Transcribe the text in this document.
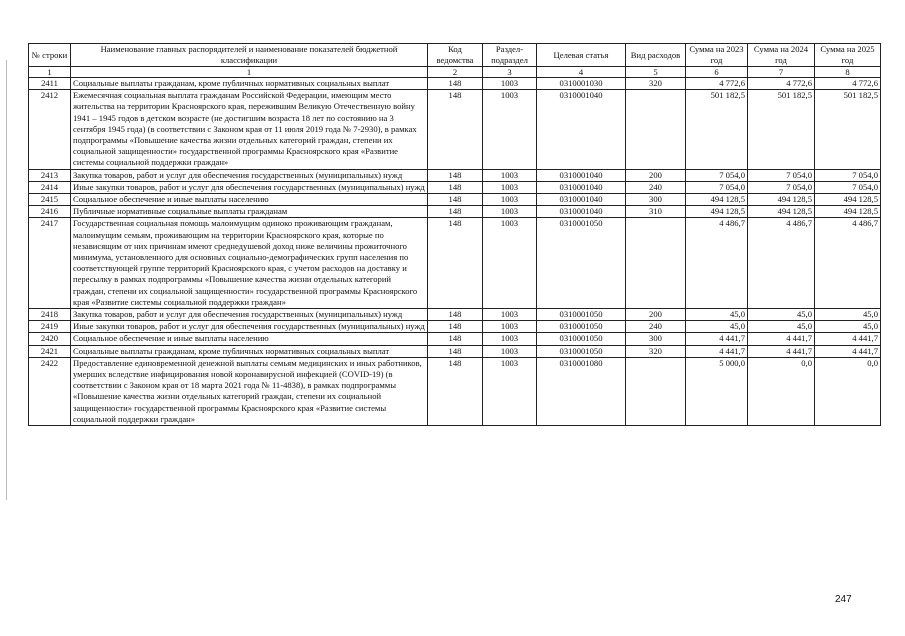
№ строки	Наименование главных распорядителей и наименование показателей бюджетной классификации	Код ведомства	Раздел-подраздел	Целевая статья	Вид расходов	Сумма на 2023 год	Сумма на 2024 год	Сумма на 2025 год
1	1	2	3	4	5	6	7	8
2411	Социальные выплаты гражданам, кроме публичных нормативных социальных выплат	148	1003	0310001030	320	4 772,6	4 772,6	4 772,6
2412	Ежемесячная социальная выплата гражданам Российской Федерации, имеющим место жительства на территории Красноярского края, пережившим Великую Отечественную войну 1941 – 1945 годов в детском возрасте (не достигшим возраста 18 лет по состоянию на 3 сентября 1945 года) (в соответствии с Законом края от 11 июля 2019 года № 7-2930), в рамках подпрограммы «Повышение качества жизни отдельных категорий граждан, степени их социальной защищенности» государственной программы Красноярского края «Развитие системы социальной поддержки граждан»	148	1003	0310001040		501 182,5	501 182,5	501 182,5
2413	Закупка товаров, работ и услуг для обеспечения государственных (муниципальных) нужд	148	1003	0310001040	200	7 054,0	7 054,0	7 054,0
2414	Иные закупки товаров, работ и услуг для обеспечения государственных (муниципальных) нужд	148	1003	0310001040	240	7 054,0	7 054,0	7 054,0
2415	Социальное обеспечение и иные выплаты населению	148	1003	0310001040	300	494 128,5	494 128,5	494 128,5
2416	Публичные нормативные социальные выплаты гражданам	148	1003	0310001040	310	494 128,5	494 128,5	494 128,5
2417	Государственная социальная помощь малоимущим одиноко проживающим гражданам, малоимущим семьям, проживающим на территории Красноярского края, которые по независящим от них причинам имеют среднедушевой доход ниже величины прожиточного минимума, установленного для основных социально-демографических групп населения по соответствующей группе территорий Красноярского края, с учетом расходов на доставку и пересылку в рамках подпрограммы «Повышение качества жизни отдельных категорий граждан, степени их социальной защищенности» государственной программы Красноярского края «Развитие системы социальной поддержки граждан»	148	1003	0310001050		4 486,7	4 486,7	4 486,7
2418	Закупка товаров, работ и услуг для обеспечения государственных (муниципальных) нужд	148	1003	0310001050	200	45,0	45,0	45,0
2419	Иные закупки товаров, работ и услуг для обеспечения государственных (муниципальных) нужд	148	1003	0310001050	240	45,0	45,0	45,0
2420	Социальное обеспечение и иные выплаты населению	148	1003	0310001050	300	4 441,7	4 441,7	4 441,7
2421	Социальные выплаты гражданам, кроме публичных нормативных социальных выплат	148	1003	0310001050	320	4 441,7	4 441,7	4 441,7
2422	Предоставление единовременной денежной выплаты семьям медицинских и иных работников, умерших вследствие инфицирования новой коронавирусной инфекцией (COVID-19) (в соответствии с Законом края от 18 марта 2021 года № 11-4838), в рамках подпрограммы «Повышение качества жизни отдельных категорий граждан, степени их социальной защищенности» государственной программы Красноярского края «Развитие системы социальной поддержки граждан»	148	1003	0310001080		5 000,0	0,0	0,0
247
